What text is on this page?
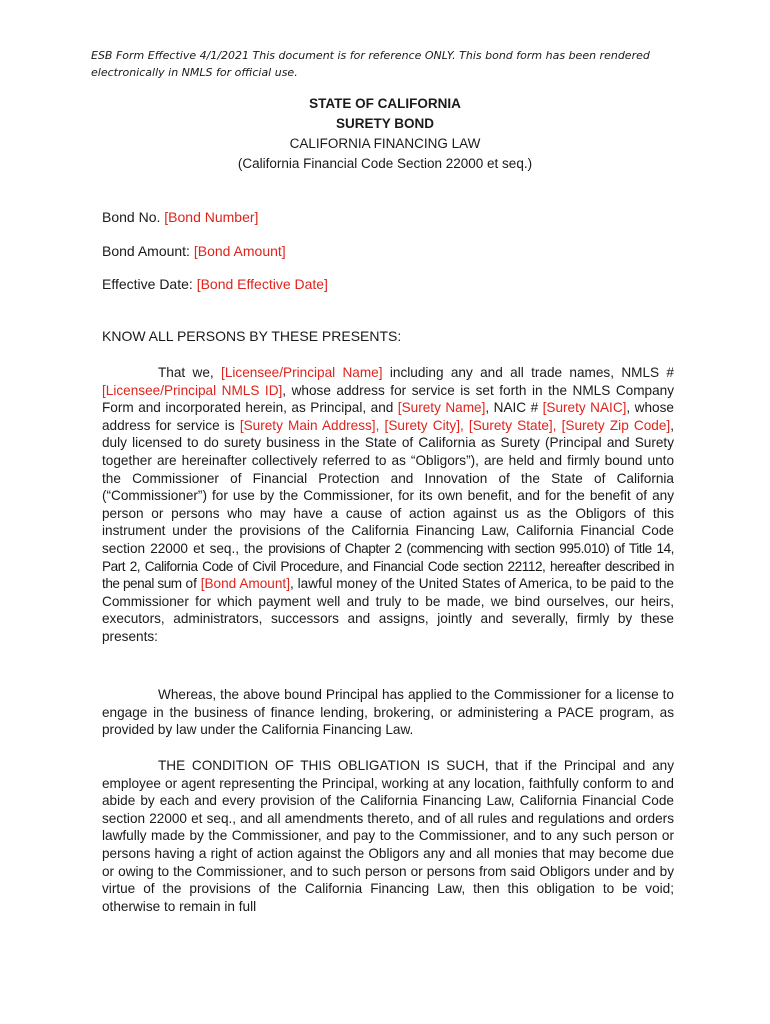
ESB Form Effective 4/1/2021 This document is for reference ONLY. This bond form has been rendered electronically in NMLS for official use.
STATE OF CALIFORNIA
SURETY BOND
CALIFORNIA FINANCING LAW
(California Financial Code Section 22000 et seq.)
Bond No. [Bond Number]
Bond Amount: [Bond Amount]
Effective Date: [Bond Effective Date]
KNOW ALL PERSONS BY THESE PRESENTS:

That we, [Licensee/Principal Name] including any and all trade names, NMLS # [Licensee/Principal NMLS ID], whose address for service is set forth in the NMLS Company Form and incorporated herein, as Principal, and [Surety Name], NAIC # [Surety NAIC], whose address for service is [Surety Main Address], [Surety City], [Surety State], [Surety Zip Code], duly licensed to do surety business in the State of California as Surety (Principal and Surety together are hereinafter collectively referred to as “Obligors”), are held and firmly bound unto the Commissioner of Financial Protection and Innovation of the State of California (“Commissioner”) for use by the Commissioner, for its own benefit, and for the benefit of any person or persons who may have a cause of action against us as the Obligors of this instrument under the provisions of the California Financing Law, California Financial Code section 22000 et seq., the provisions of Chapter 2 (commencing with section 995.010) of Title 14, Part 2, California Code of Civil Procedure, and Financial Code section 22112, hereafter described in the penal sum of [Bond Amount], lawful money of the United States of America, to be paid to the Commissioner for which payment well and truly to be made, we bind ourselves, our heirs, executors, administrators, successors and assigns, jointly and severally, firmly by these presents:

Whereas, the above bound Principal has applied to the Commissioner for a license to engage in the business of finance lending, brokering, or administering a PACE program, as provided by law under the California Financing Law.

THE CONDITION OF THIS OBLIGATION IS SUCH, that if the Principal and any employee or agent representing the Principal, working at any location, faithfully conform to and abide by each and every provision of the California Financing Law, California Financial Code section 22000 et seq., and all amendments thereto, and of all rules and regulations and orders lawfully made by the Commissioner, and pay to the Commissioner, and to any such person or persons having a right of action against the Obligors any and all monies that may become due or owing to the Commissioner, and to such person or persons from said Obligors under and by virtue of the provisions of the California Financing Law, then this obligation to be void; otherwise to remain in full
